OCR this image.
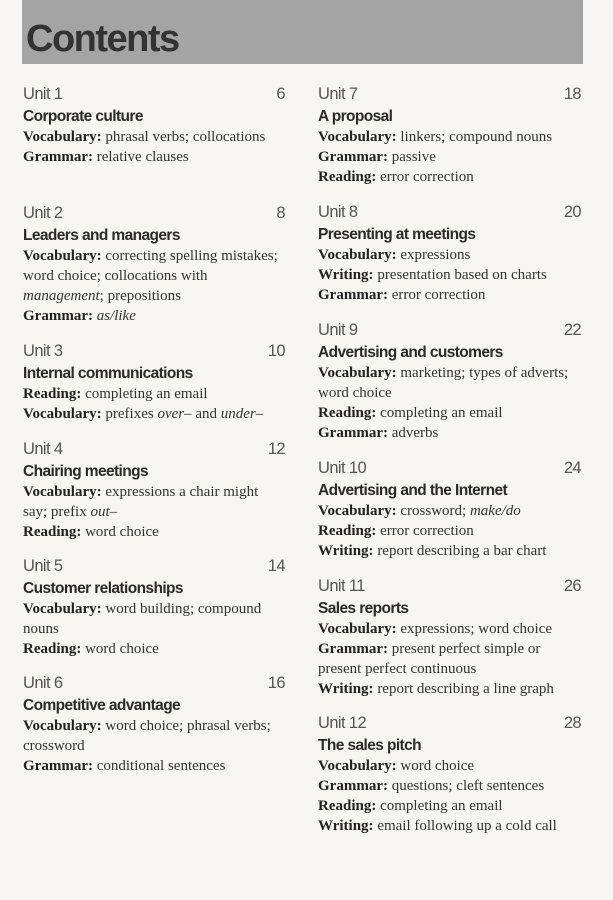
Contents
Unit 1	6
Corporate culture
Vocabulary: phrasal verbs; collocations
Grammar: relative clauses
Unit 2	8
Leaders and managers
Vocabulary: correcting spelling mistakes; word choice; collocations with management; prepositions
Grammar: as/like
Unit 3	10
Internal communications
Reading: completing an email
Vocabulary: prefixes over– and under–
Unit 4	12
Chairing meetings
Vocabulary: expressions a chair might say; prefix out–
Reading: word choice
Unit 5	14
Customer relationships
Vocabulary: word building; compound nouns
Reading: word choice
Unit 6	16
Competitive advantage
Vocabulary: word choice; phrasal verbs; crossword
Grammar: conditional sentences
Unit 7	18
A proposal
Vocabulary: linkers; compound nouns
Grammar: passive
Reading: error correction
Unit 8	20
Presenting at meetings
Vocabulary: expressions
Writing: presentation based on charts
Grammar: error correction
Unit 9	22
Advertising and customers
Vocabulary: marketing; types of adverts; word choice
Reading: completing an email
Grammar: adverbs
Unit 10	24
Advertising and the Internet
Vocabulary: crossword; make/do
Reading: error correction
Writing: report describing a bar chart
Unit 11	26
Sales reports
Vocabulary: expressions; word choice
Grammar: present perfect simple or present perfect continuous
Writing: report describing a line graph
Unit 12	28
The sales pitch
Vocabulary: word choice
Grammar: questions; cleft sentences
Reading: completing an email
Writing: email following up a cold call
